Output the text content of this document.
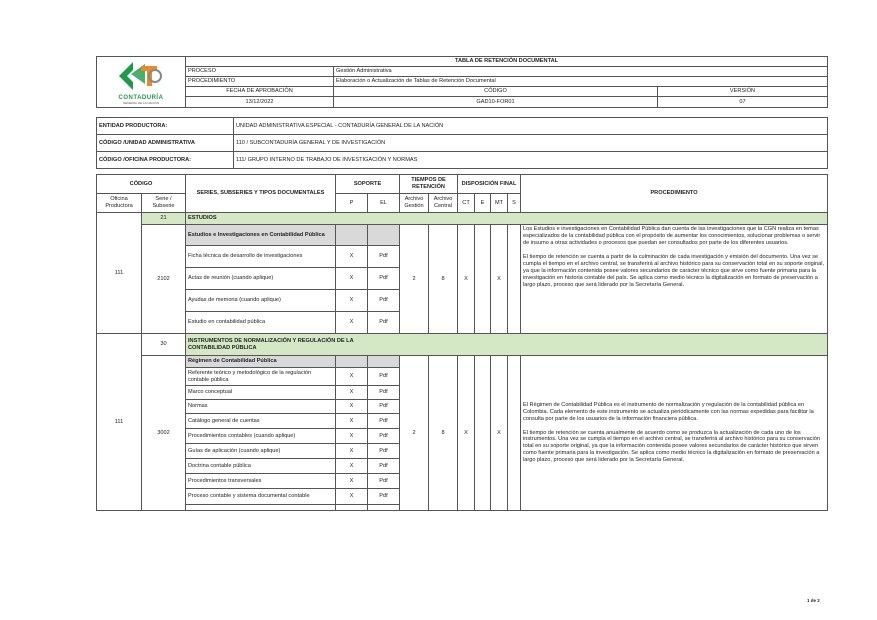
CONTADURÍA
GENERAL DE LA NACIÓN	TABLA DE RETENCIÓN DOCUMENTAL		
	PROCESO	Gestión Administrativa	
	PROCEDIMIENTO	Elaboración o Actualización de Tablas de Retención Documental	
	FECHA DE APROBACIÓN	CÓDIGO	VERSIÓN
	13/12/2022	GAD10-FOR01	07
ENTIDAD PRODUCTORA:	UNIDAD ADMINISTRATIVA ESPECIAL - CONTADURÍA GENERAL DE LA NACIÓN
CÓDIGO /UNIDAD ADMINISTRATIVA	110 / SUBCONTADURÍA GENERAL Y DE INVESTIGACIÓN
CÓDIGO /OFICINA PRODUCTORA:	111/ GRUPO INTERNO DE TRABAJO DE INVESTIGACIÓN Y NORMAS
CÓDIGO		SERIES, SUBSERIES Y TIPOS DOCUMENTALES	SOPORTE		TIEMPOS DE RETENCIÓN		DISPOSICIÓN FINAL				PROCEDIMIENTO
Oficina Productora	Serie / Subserie		P	EL	Archivo Gestión	Archivo Central	CT	E	MT	S	
111	21	ESTUDIOS									
	2102	Estudios e Investigaciones en Contabilidad Pública			2	8	X		X		Los Estudios e investigaciones en Contabilidad Pública dan cuenta de las investigaciones que la CGN realiza en temas especializados de la contabilidad pública con el propósito de aumentar los conocimientos, solucionar problemas o servir de insumo a otras actividades o procesos que puedan ser consultados por parte de los diferentes usuarios.

El tiempo de retención se cuenta a partir de la culminación de cada investigación y emisión del documento. Una vez se cumpla el tiempo en el archivo central, se transferirá al archivo histórico para su conservación total en su soporte original, ya que la información contenida posee valores secundarios de carácter técnico que sirve como fuente primaria para la investigación en historia contable del país. Se aplica como medio técnico la digitalización en formato de preservación a largo plazo, proceso que será liderado por la Secretaría General.

		Ficha técnica de desarrollo de investigaciones	X	Pdf							
		Actas de reunión (cuando aplique)	X	Pdf							
		Ayudas de memoria (cuando aplique)	X	Pdf							
		Estudio en contabilidad pública	X	Pdf							
111	30	INSTRUMENTOS DE NORMALIZACIÓN Y REGULACIÓN DE LA CONTABILIDAD PÚBLICA									

	3002	Régimen de Contabilidad Pública			2	8	X		X		El Régimen de Contabilidad Pública es el instrumento de normalización y regulación de la contabilidad pública en Colombia. Cada elemento de este instrumento se actualiza periódicamente con las normas expedidas para facilitar la consulta por parte de los usuarios de la información financiera pública.

El tiempo de retención se cuenta anualmente de acuerdo como se produzca la actualización de cada uno de los instrumentos. Una vez se cumpla el tiempo en el archivo central, se transferirá al archivo histórico para su conservación total en su soporte original, ya que la información contenida posee valores secundarios de carácter histórico que sirven como fuente primaria para la investigación. Se aplica como medio técnico la digitalización en formato de preservación a largo plazo, proceso que será liderado por la Secretaría General.

		Referente teórico y metodológico de la regulación contable pública	X	Pdf							
		Marco conceptual	X	Pdf							
		Normas	X	Pdf							
		Catálogo general de cuentas	X	Pdf							
		Procedimientos contables (cuando aplique)	X	Pdf							
		Guías de aplicación (cuando aplique)	X	Pdf							
		Doctrina contable pública	X	Pdf							
		Procedimientos transversales	X	Pdf							
		Proceso contable y sistema documental contable	X	Pdf							

1 de 2
